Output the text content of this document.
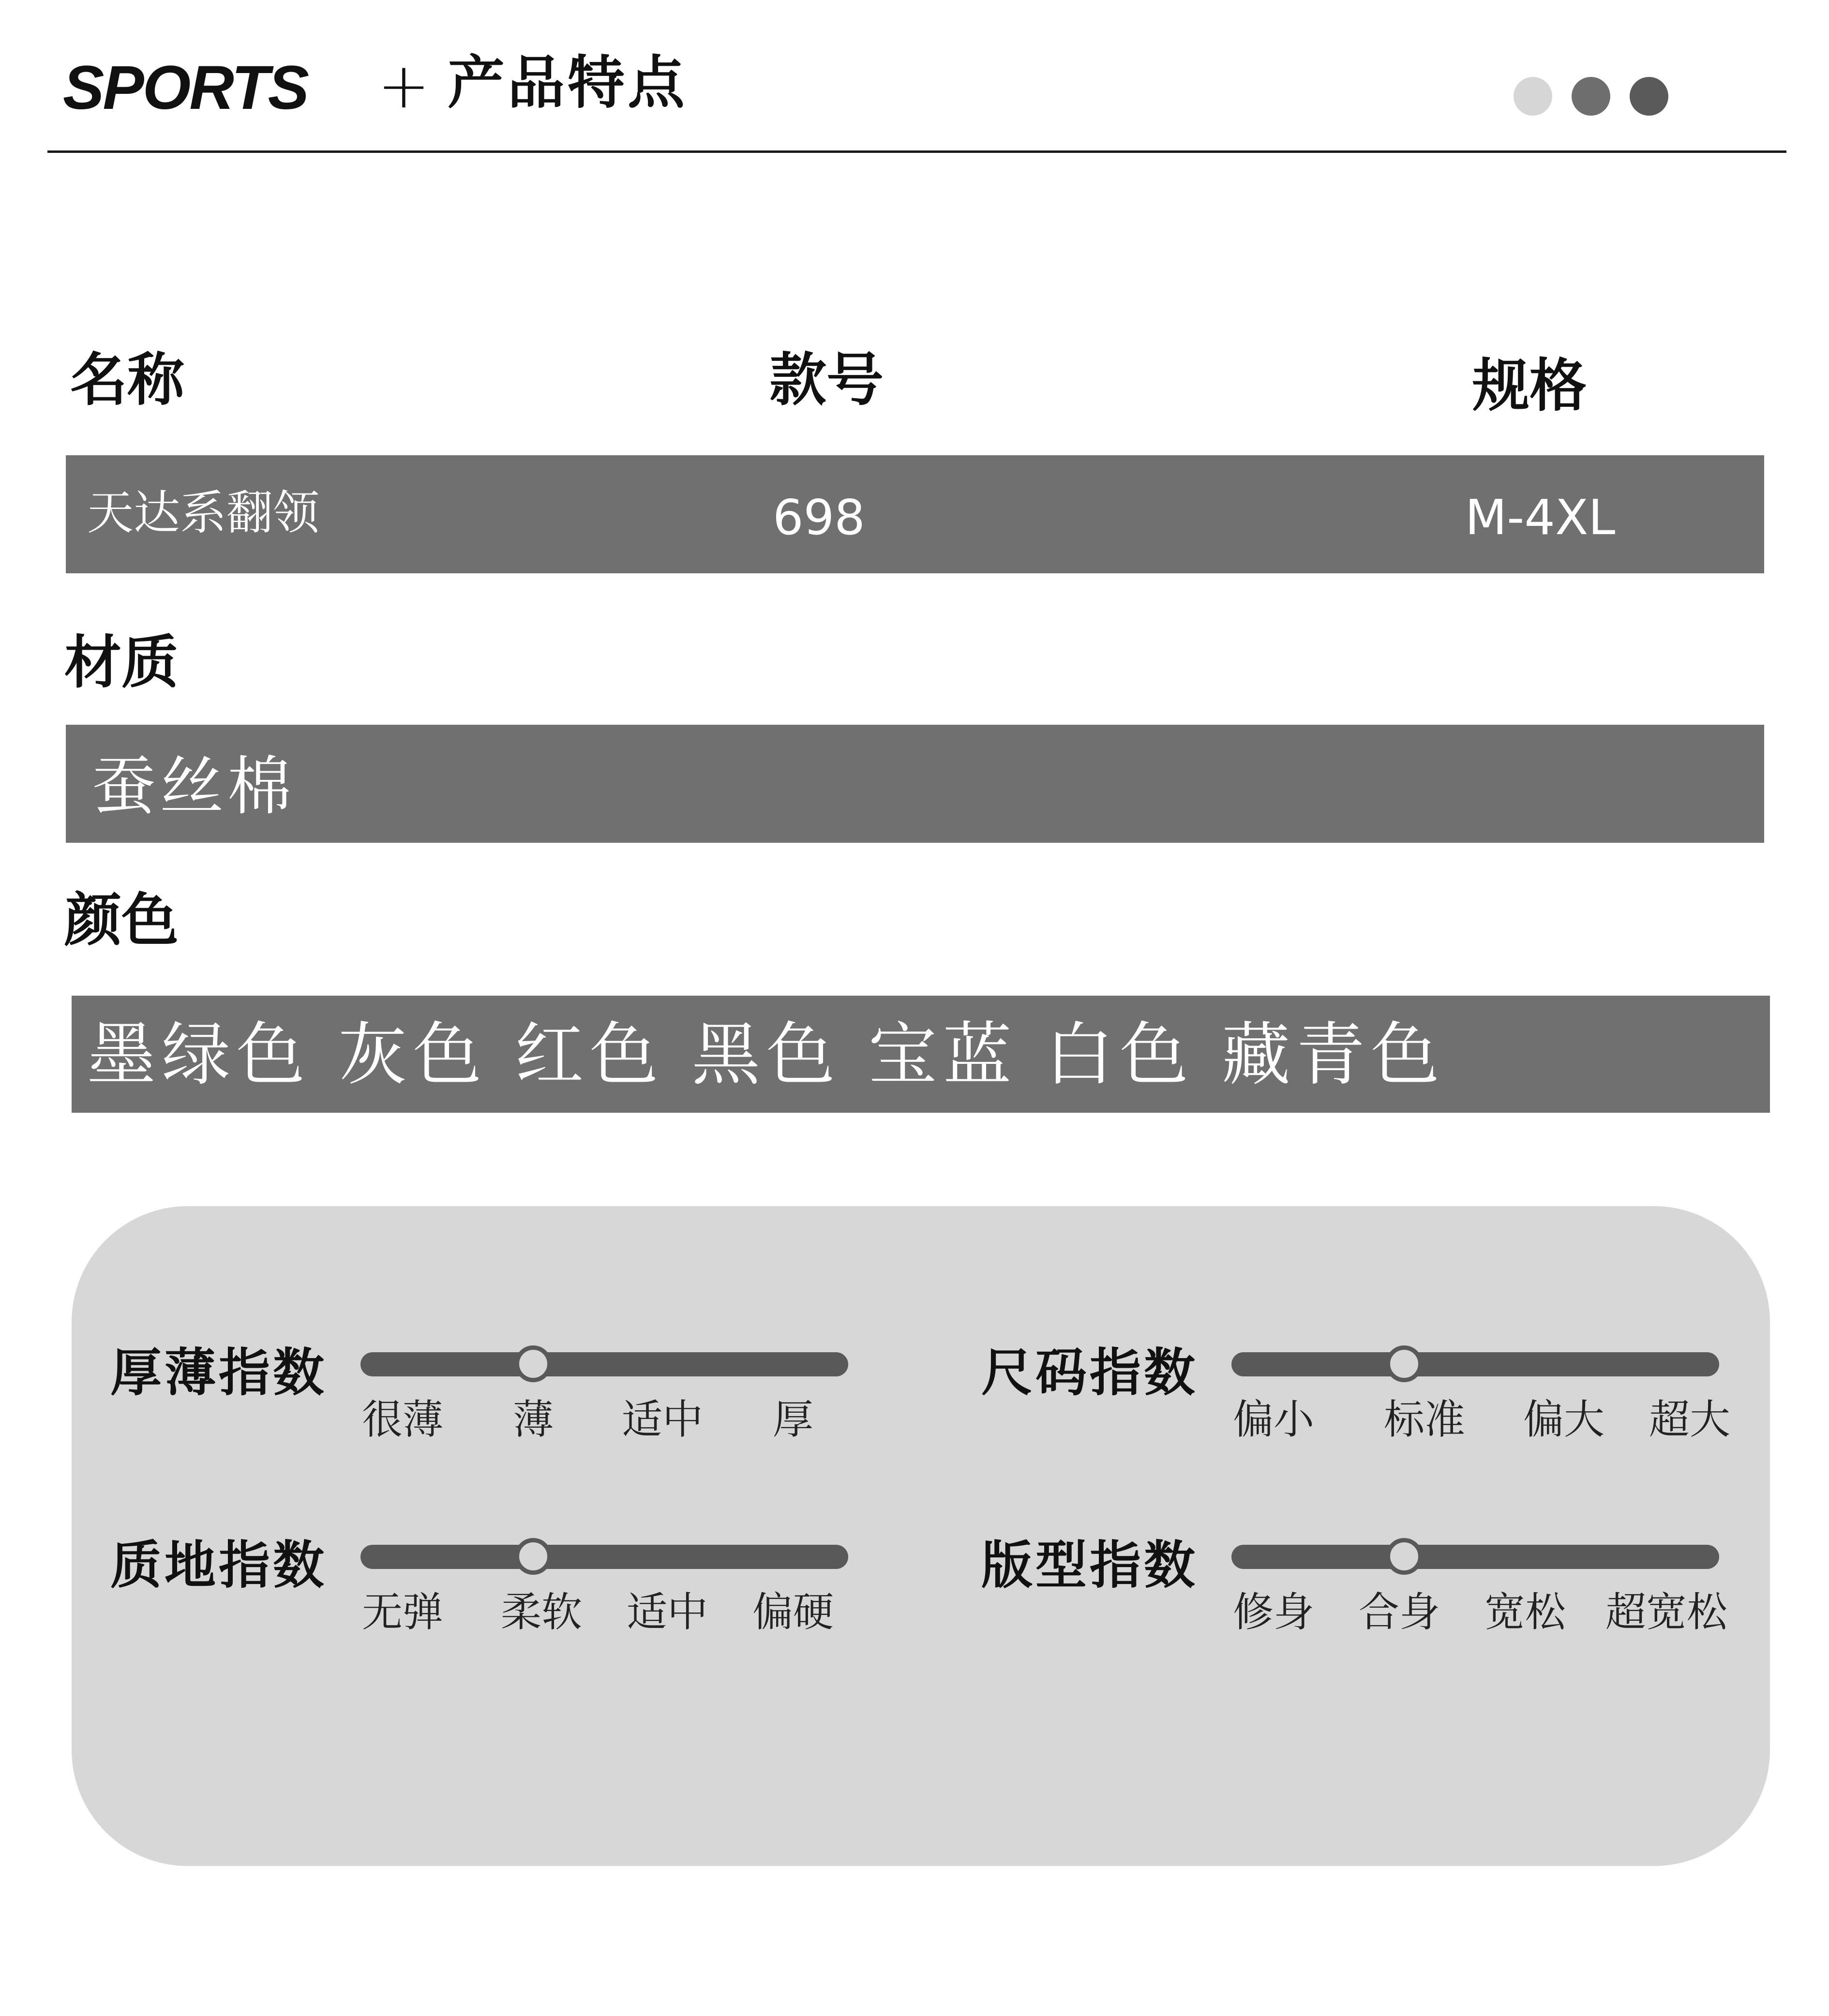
SPORTS + 产品特点
名称	款号	规格
天达系翻领	698	M-4XL
材质
蚕丝棉
颜色
墨绿色 灰色 红色 黑色 宝蓝 白色 藏青色
厚薄指数
很薄 薄 适中 厚
尺码指数
偏小 标准 偏大 超大
质地指数
无弹 柔软 适中 偏硬
版型指数
修身 合身 宽松 超宽松
